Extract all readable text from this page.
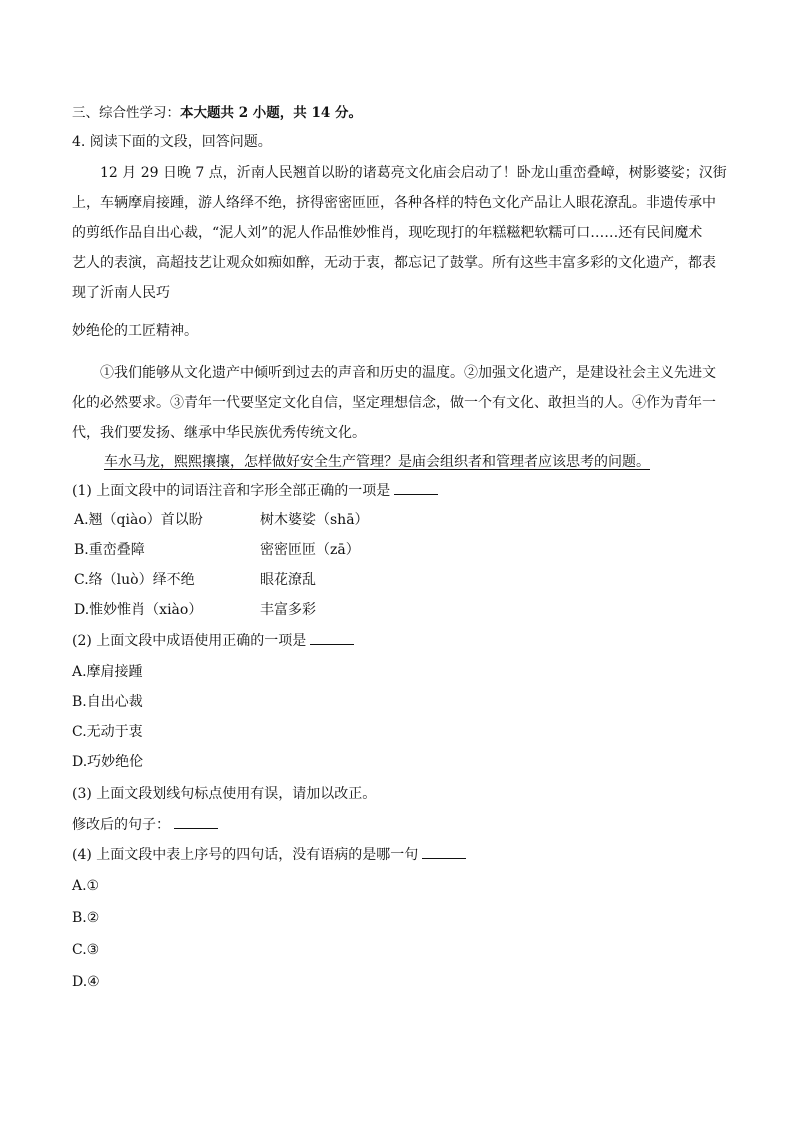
三、综合性学习：本大题共 2 小题，共 14 分。
4. 阅读下面的文段，回答问题。
12 月 29 日晚 7 点，沂南人民翘首以盼的诸葛亮文化庙会启动了！卧龙山重峦叠嶂，树影婆娑；汉街
上，车辆摩肩接踵，游人络绎不绝，挤得密密匝匝，各种各样的特色文化产品让人眼花潦乱。非遗传承中
的剪纸作品自出心裁，“泥人刘”的泥人作品惟妙惟肖，现吃现打的年糕糍粑软糯可口……还有民间魔术
艺人的表演，高超技艺让观众如痴如醉，无动于衷，都忘记了鼓掌。所有这些丰富多彩的文化遗产，都表
现了沂南人民巧
妙绝伦的工匠精神。
①我们能够从文化遗产中倾听到过去的声音和历史的温度。②加强文化遗产，是建设社会主义先进文
化的必然要求。③青年一代要坚定文化自信，坚定理想信念，做一个有文化、敢担当的人。④作为青年一
代，我们要发扬、继承中华民族优秀传统文化。
车水马龙，熙熙攘攘，怎样做好安全生产管理？是庙会组织者和管理者应该思考的问题。
(1) 上面文段中的词语注音和字形全部正确的一项是
A.翘（qiào）首以盼	树木婆娑（shā）
B.重峦叠障	密密匝匝（zā）
C.络（luò）绎不绝	眼花潦乱
D.惟妙惟肖（xiào）	丰富多彩
(2) 上面文段中成语使用正确的一项是
A.摩肩接踵
B.自出心裁
C.无动于衷
D.巧妙绝伦
(3) 上面文段划线句标点使用有误，请加以改正。
修改后的句子：
(4) 上面文段中表上序号的四句话，没有语病的是哪一句
A.①
B.②
C.③
D.④
